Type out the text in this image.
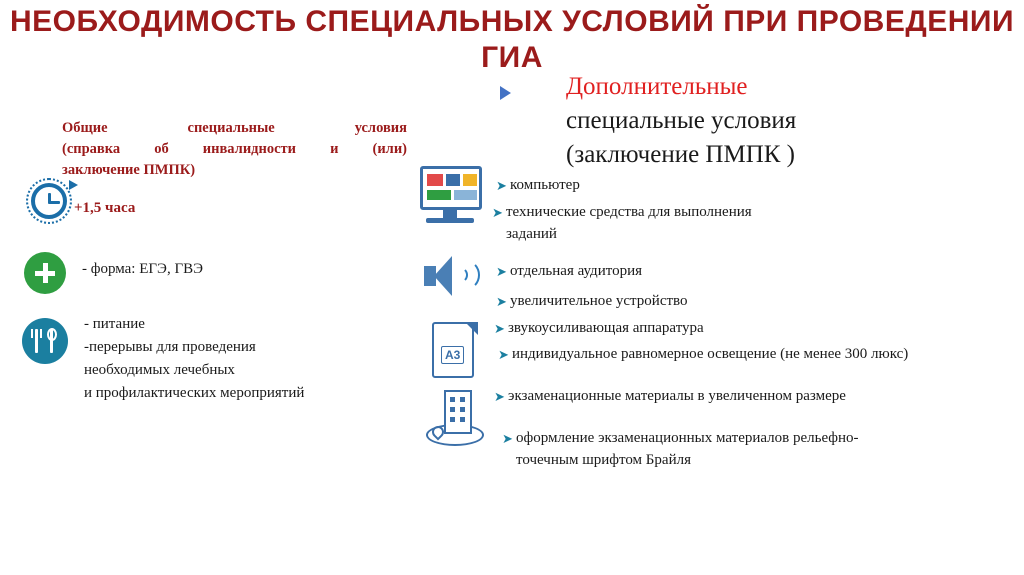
НЕОБХОДИМОСТЬ СПЕЦИАЛЬНЫХ УСЛОВИЙ ПРИ ПРОВЕДЕНИИ ГИА
Общие специальные условия
(справка об инвалидности и (или)
заключение ПМПК)
+1,5 часа
- форма: ЕГЭ, ГВЭ
- питание
-перерывы для проведения
необходимых лечебных
и профилактических мероприятий
Дополнительные
специальные условия
(заключение ПМПК )
А3
➤ компьютер
➤ технические средства для выполнения заданий
➤ отдельная аудитория
➤ увеличительное устройство
➤ звукоусиливающая аппаратура
➤ индивидуальное равномерное освещение (не менее 300 люкс)
➤ экзаменационные материалы в увеличенном размере
➤ оформление экзаменационных материалов рельефно- точечным шрифтом Брайля
